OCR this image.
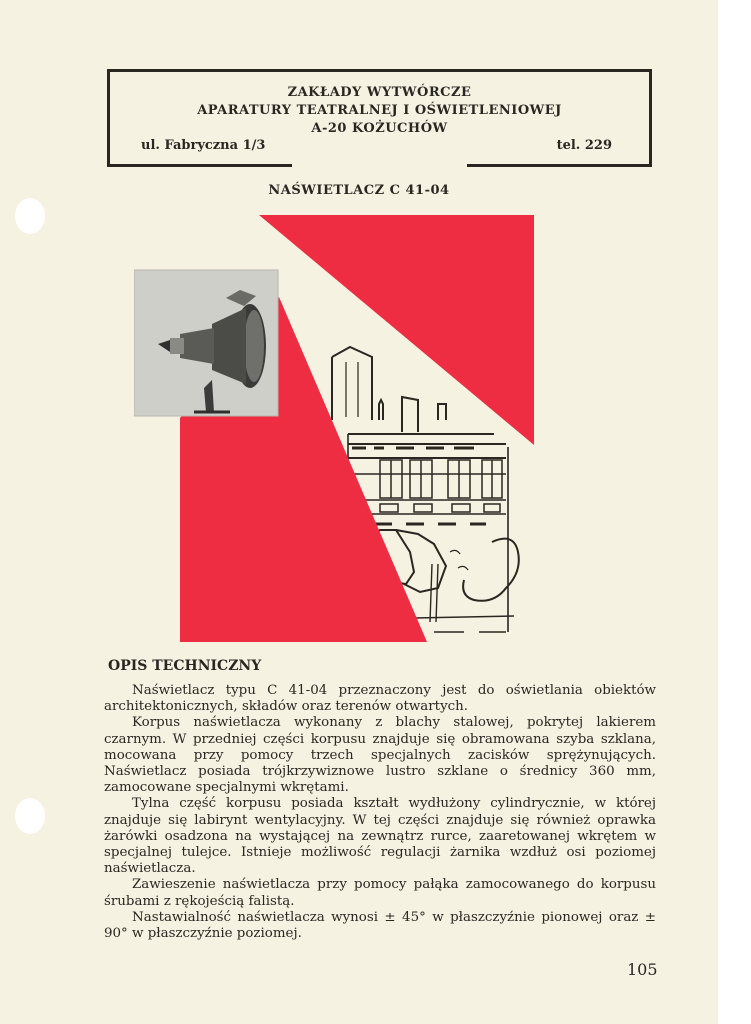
ZAKŁADY WYTWÓRCZE
APARATURY TEATRALNEJ I OŚWIETLENIOWEJ
A-20 KOŻUCHÓW
ul. Fabryczna 1/3	tel. 229
NAŚWIETLACZ C 41-04
OPIS TECHNICZNY

Naświetlacz typu C 41-04 przeznaczony jest do oświetlania obiektów architektonicznych, składów oraz terenów otwartych.

Korpus naświetlacza wykonany z blachy stalowej, pokrytej lakierem czarnym. W przedniej części korpusu znajduje się obramowana szyba szklana, mocowana przy pomocy trzech specjalnych zacisków sprężynujących. Naświetlacz posiada trójkrzywiznowe lustro szklane o średnicy 360 mm, zamocowane specjalnymi wkrętami.

Tylna część korpusu posiada kształt wydłużony cylindrycznie, w której znajduje się labirynt wentylacyjny. W tej części znajduje się również oprawka żarówki osadzona na wystającej na zewnątrz rurce, zaaretowanej wkrętem w specjalnej tulejce. Istnieje możliwość regulacji żarnika wzdłuż osi poziomej naświetlacza.

Zawieszenie naświetlacza przy pomocy pałąka zamocowanego do korpusu śrubami z rękojeścią falistą.

Nastawialność naświetlacza wynosi ± 45° w płaszczyźnie pionowej oraz ± 90° w płaszczyźnie poziomej.

105
